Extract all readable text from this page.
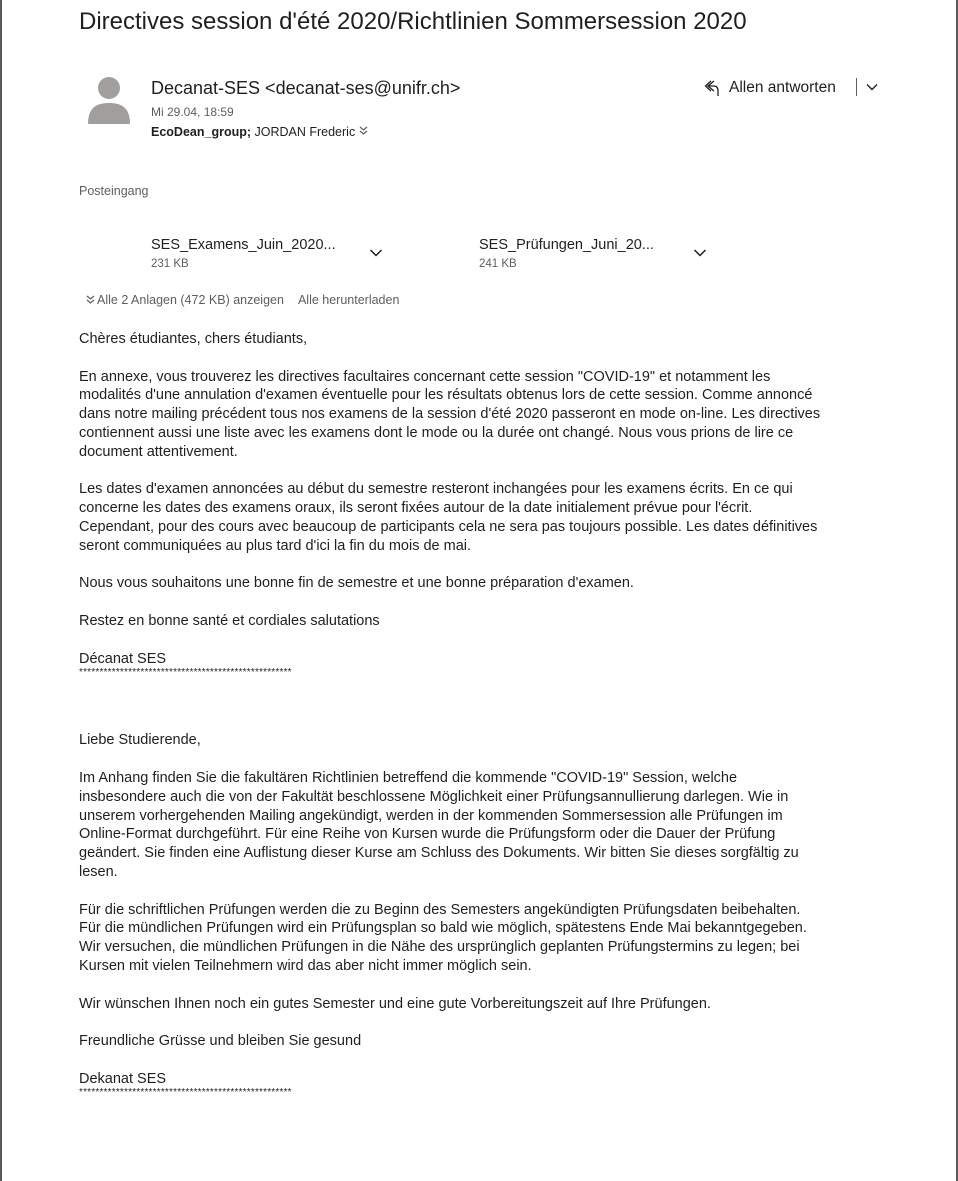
Directives session d'été 2020/Richtlinien Sommersession 2020
Decanat-SES <decanat-ses@unifr.ch>
Mi 29.04, 18:59
EcoDean_group; JORDAN Frederic
Allen antworten
Posteingang
SES_Examens_Juin_2020...
231 KB
SES_Prüfungen_Juni_20...
241 KB
Alle 2 Anlagen (472 KB) anzeigen Alle herunterladen
Chères étudiantes, chers étudiants,
En annexe, vous trouverez les directives facultaires concernant cette session "COVID-19" et notamment les
modalités d'une annulation d'examen éventuelle pour les résultats obtenus lors de cette session. Comme annoncé
dans notre mailing précédent tous nos examens de la session d'été 2020 passeront en mode on-line. Les directives
contiennent aussi une liste avec les examens dont le mode ou la durée ont changé. Nous vous prions de lire ce
document attentivement.
Les dates d'examen annoncées au début du semestre resteront inchangées pour les examens écrits. En ce qui
concerne les dates des examens oraux, ils seront fixées autour de la date initialement prévue pour l'écrit.
Cependant, pour des cours avec beaucoup de participants cela ne sera pas toujours possible. Les dates définitives
seront communiquées au plus tard d'ici la fin du mois de mai.
Nous vous souhaitons une bonne fin de semestre et une bonne préparation d'examen.
Restez en bonne santé et cordiales salutations
Décanat SES
****************************************************
Liebe Studierende,
Im Anhang finden Sie die fakultären Richtlinien betreffend die kommende "COVID-19" Session, welche
insbesondere auch die von der Fakultät beschlossene Möglichkeit einer Prüfungsannullierung darlegen. Wie in
unserem vorhergehenden Mailing angekündigt, werden in der kommenden Sommersession alle Prüfungen im
Online-Format durchgeführt. Für eine Reihe von Kursen wurde die Prüfungsform oder die Dauer der Prüfung
geändert. Sie finden eine Auflistung dieser Kurse am Schluss des Dokuments. Wir bitten Sie dieses sorgfältig zu
lesen.
Für die schriftlichen Prüfungen werden die zu Beginn des Semesters angekündigten Prüfungsdaten beibehalten.
Für die mündlichen Prüfungen wird ein Prüfungsplan so bald wie möglich, spätestens Ende Mai bekanntgegeben.
Wir versuchen, die mündlichen Prüfungen in die Nähe des ursprünglich geplanten Prüfungstermins zu legen; bei
Kursen mit vielen Teilnehmern wird das aber nicht immer möglich sein.
Wir wünschen Ihnen noch ein gutes Semester und eine gute Vorbereitungszeit auf Ihre Prüfungen.
Freundliche Grüsse und bleiben Sie gesund
Dekanat SES
****************************************************
